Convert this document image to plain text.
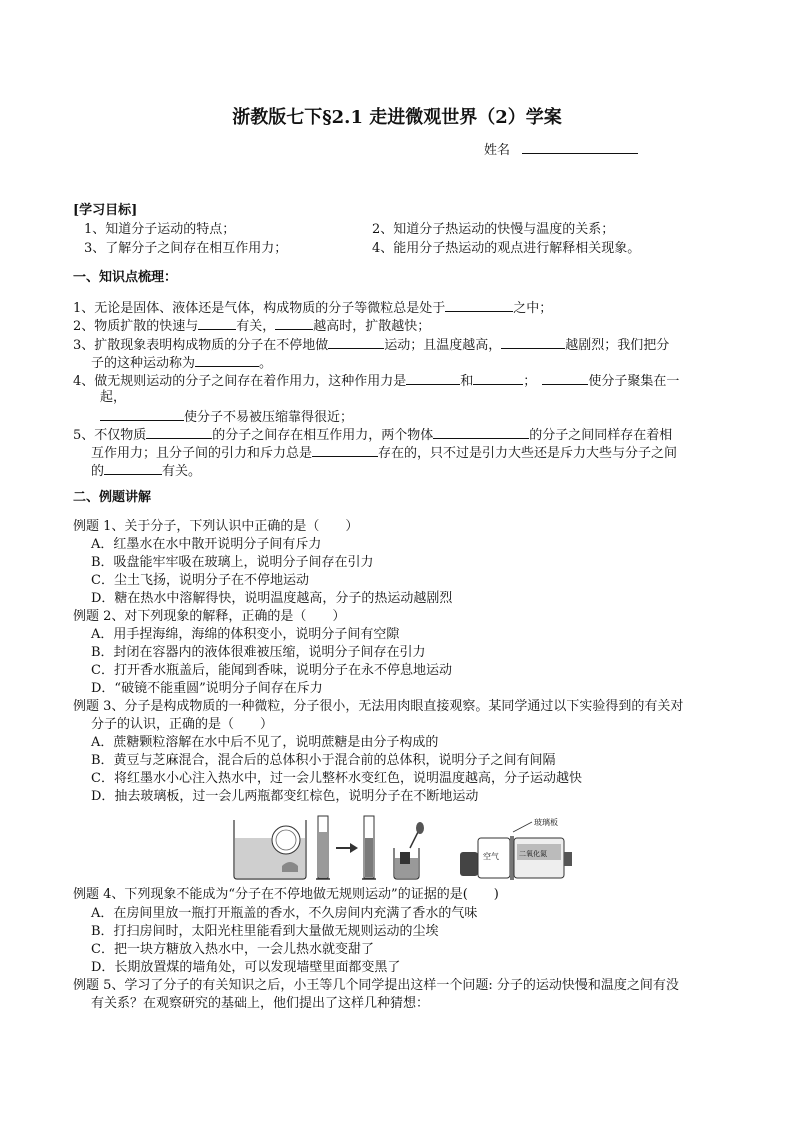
浙教版七下§2.1 走进微观世界（2）学案
姓名
[学习目标]
1、知道分子运动的特点；	2、知道分子热运动的快慢与温度的关系；
3、了解分子之间存在相互作用力；	4、能用分子热运动的观点进行解释相关现象。
一、知识点梳理：
1、无论是固体、液体还是气体，构成物质的分子等微粒总是处于	之中；
2、物质扩散的快速与	有关，	越高时，扩散越快；
3、扩散现象表明构成物质的分子在不停地做	运动；且温度越高，	越剧烈；我们把分
子的这种运动称为	。
4、做无规则运动的分子之间存在着作用力，这种作用力是	和	；	使分子聚集在一
起，
使分子不易被压缩靠得很近；
5、不仅物质	的分子之间存在相互作用力，两个物体	的分子之间同样存在着相
互作用力；且分子间的引力和斥力总是	存在的，只不过是引力大些还是斥力大些与分子之间
的	有关。
二、例题讲解
例题 1、关于分子，下列认识中正确的是（　　）
A．红墨水在水中散开说明分子间有斥力
B．吸盘能牢牢吸在玻璃上，说明分子间存在引力
C．尘土飞扬，说明分子在不停地运动
D．糖在热水中溶解得快，说明温度越高，分子的热运动越剧烈
例题 2、对下列现象的解释，正确的是（　　）
A．用手捏海绵，海绵的体积变小，说明分子间有空隙
B．封闭在容器内的液体很难被压缩，说明分子间存在引力
C．打开香水瓶盖后，能闻到香味，说明分子在永不停息地运动
D．“破镜不能重圆”说明分子间存在斥力
例题 3、分子是构成物质的一种微粒，分子很小，无法用肉眼直接观察。某同学通过以下实验得到的有关对
分子的认识，正确的是（　　）
A．蔗糖颗粒溶解在水中后不见了，说明蔗糖是由分子构成的
B．黄豆与芝麻混合，混合后的总体积小于混合前的总体积，说明分子之间有间隔
C．将红墨水小心注入热水中，过一会儿整杯水变红色，说明温度越高，分子运动越快
D．抽去玻璃板，过一会儿两瓶都变红棕色，说明分子在不断地运动
玻璃板
空气	二氧化氮
例题 4、下列现象不能成为“分子在不停地做无规则运动”的证据的是(　　)
A．在房间里放一瓶打开瓶盖的香水，不久房间内充满了香水的气味
B．打扫房间时，太阳光柱里能看到大量做无规则运动的尘埃
C．把一块方糖放入热水中，一会儿热水就变甜了
D．长期放置煤的墙角处，可以发现墙壁里面都变黑了
例题 5、学习了分子的有关知识之后，小王等几个同学提出这样一个问题: 分子的运动快慢和温度之间有没
有关系？在观察研究的基础上，他们提出了这样几种猜想：
